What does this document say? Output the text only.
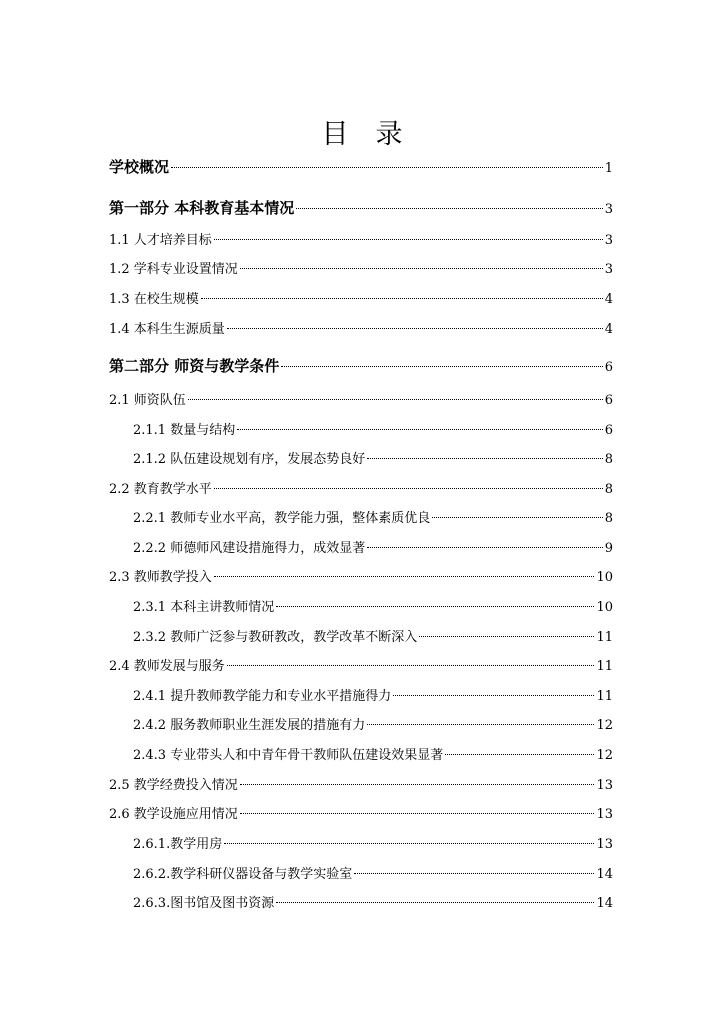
目　录
学校概况	1
第一部分 本科教育基本情况	3
1.1 人才培养目标	3
1.2 学科专业设置情况	3
1.3 在校生规模	4
1.4 本科生生源质量	4
第二部分 师资与教学条件	6
2.1 师资队伍	6
2.1.1 数量与结构	6
2.1.2 队伍建设规划有序，发展态势良好	8
2.2 教育教学水平	8
2.2.1 教师专业水平高，教学能力强，整体素质优良	8
2.2.2 师德师风建设措施得力，成效显著	9
2.3 教师教学投入	10
2.3.1 本科主讲教师情况	10
2.3.2 教师广泛参与教研教改，教学改革不断深入	11
2.4 教师发展与服务	11
2.4.1 提升教师教学能力和专业水平措施得力	11
2.4.2 服务教师职业生涯发展的措施有力	12
2.4.3 专业带头人和中青年骨干教师队伍建设效果显著	12
2.5 教学经费投入情况	13
2.6 教学设施应用情况	13
2.6.1.教学用房	13
2.6.2.教学科研仪器设备与教学实验室	14
2.6.3.图书馆及图书资源	14
